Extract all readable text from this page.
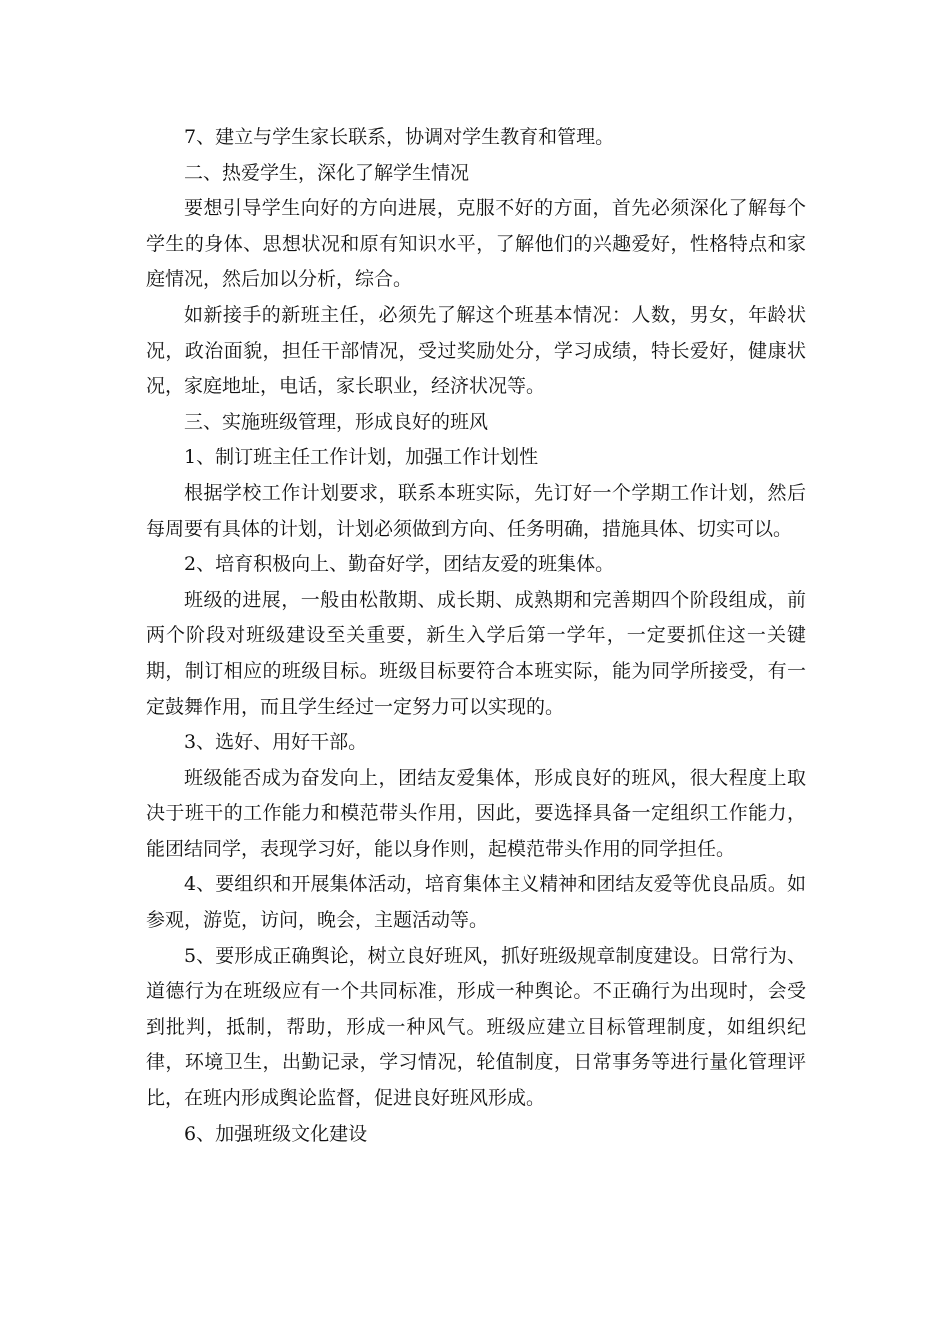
7、建立与学生家长联系，协调对学生教育和管理。

二、热爱学生，深化了解学生情况

要想引导学生向好的方向进展，克服不好的方面，首先必须深化了解每个学生的身体、思想状况和原有知识水平，了解他们的兴趣爱好，性格特点和家庭情况，然后加以分析，综合。

如新接手的新班主任，必须先了解这个班基本情况：人数，男女，年龄状况，政治面貌，担任干部情况，受过奖励处分，学习成绩，特长爱好，健康状况，家庭地址，电话，家长职业，经济状况等。

三、实施班级管理，形成良好的班风

1、制订班主任工作计划，加强工作计划性

根据学校工作计划要求，联系本班实际，先订好一个学期工作计划，然后每周要有具体的计划，计划必须做到方向、任务明确，措施具体、切实可以。

2、培育积极向上、勤奋好学，团结友爱的班集体。

班级的进展，一般由松散期、成长期、成熟期和完善期四个阶段组成，前两个阶段对班级建设至关重要，新生入学后第一学年，一定要抓住这一关键期，制订相应的班级目标。班级目标要符合本班实际，能为同学所接受，有一定鼓舞作用，而且学生经过一定努力可以实现的。

3、选好、用好干部。

班级能否成为奋发向上，团结友爱集体，形成良好的班风，很大程度上取决于班干的工作能力和模范带头作用，因此，要选择具备一定组织工作能力，能团结同学，表现学习好，能以身作则，起模范带头作用的同学担任。

4、要组织和开展集体活动，培育集体主义精神和团结友爱等优良品质。如参观，游览，访问，晚会，主题活动等。

5、要形成正确舆论，树立良好班风，抓好班级规章制度建设。日常行为、道德行为在班级应有一个共同标准，形成一种舆论。不正确行为出现时，会受到批判，抵制，帮助，形成一种风气。班级应建立目标管理制度，如组织纪律，环境卫生，出勤记录，学习情况，轮值制度，日常事务等进行量化管理评比，在班内形成舆论监督，促进良好班风形成。

6、加强班级文化建设
